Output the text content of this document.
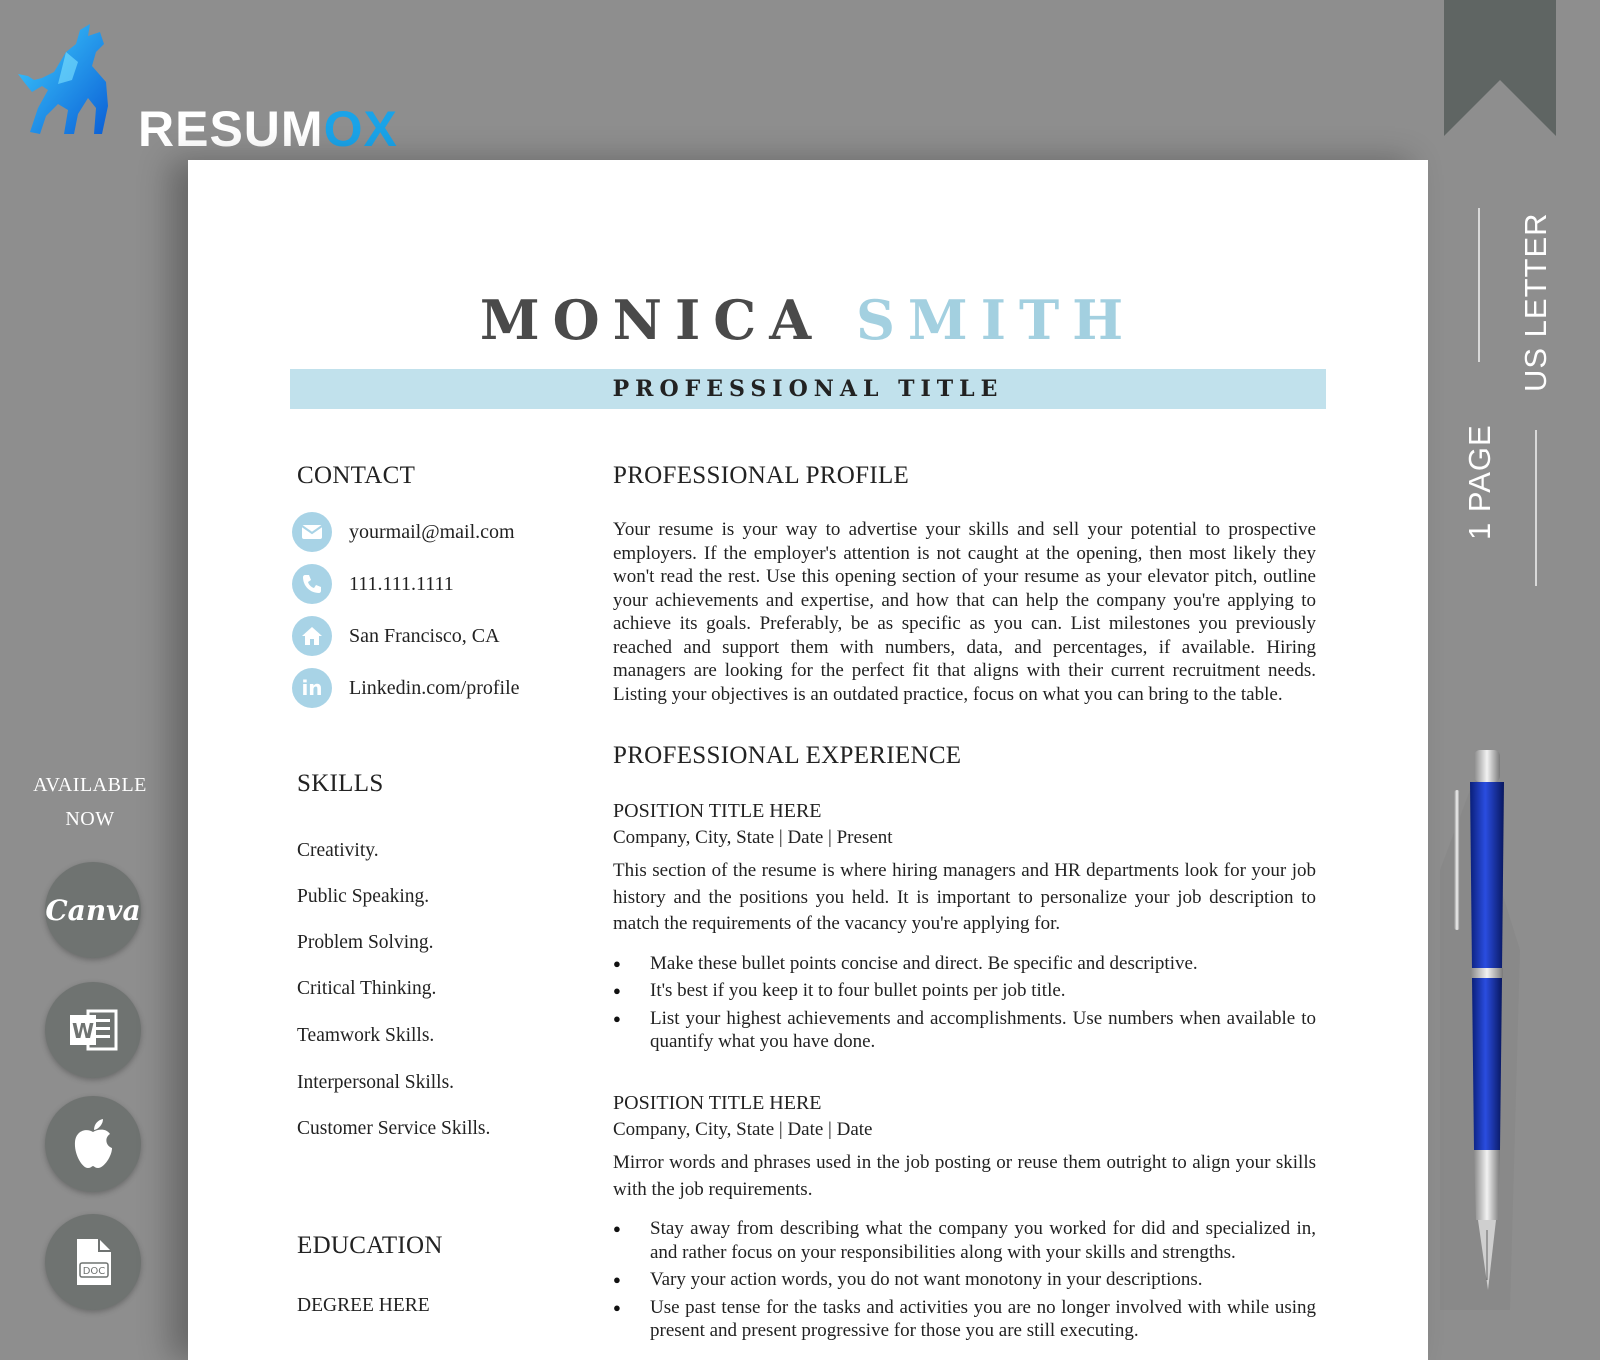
RESUMOX
US LETTER
1 PAGE
AVAILABLE
NOW
Canva
W
DOC
MONICA SMITH
PROFESSIONAL TITLE
CONTACT
yourmail@mail.com
111.111.1111
San Francisco, CA
in Linkedin.com/profile
SKILLS
Creativity.
Public Speaking.
Problem Solving.
Critical Thinking.
Teamwork Skills.
Interpersonal Skills.
Customer Service Skills.
EDUCATION
DEGREE HERE
PROFESSIONAL PROFILE
Your resume is your way to advertise your skills and sell your potential to prospective employers. If the employer's attention is not caught at the opening, then most likely they won't read the rest. Use this opening section of your resume as your elevator pitch, outline your achievements and expertise, and how that can help the company you're applying to achieve its goals. Preferably, be as specific as you can. List milestones you previously reached and support them with numbers, data, and percentages, if available. Hiring managers are looking for the perfect fit that aligns with their current recruitment needs. Listing your objectives is an outdated practice, focus on what you can bring to the table.
PROFESSIONAL EXPERIENCE
POSITION TITLE HERE
Company, City, State | Date | Present
This section of the resume is where hiring managers and HR departments look for your job history and the positions you held. It is important to personalize your job description to match the requirements of the vacancy you're applying for.
● Make these bullet points concise and direct. Be specific and descriptive.
● It's best if you keep it to four bullet points per job title.
● List your highest achievements and accomplishments. Use numbers when available to quantify what you have done.
POSITION TITLE HERE
Company, City, State | Date | Date
Mirror words and phrases used in the job posting or reuse them outright to align your skills with the job requirements.
● Stay away from describing what the company you worked for did and specialized in, and rather focus on your responsibilities along with your skills and strengths.
● Vary your action words, you do not want monotony in your descriptions.
● Use past tense for the tasks and activities you are no longer involved with while using present and present progressive for those you are still executing.
